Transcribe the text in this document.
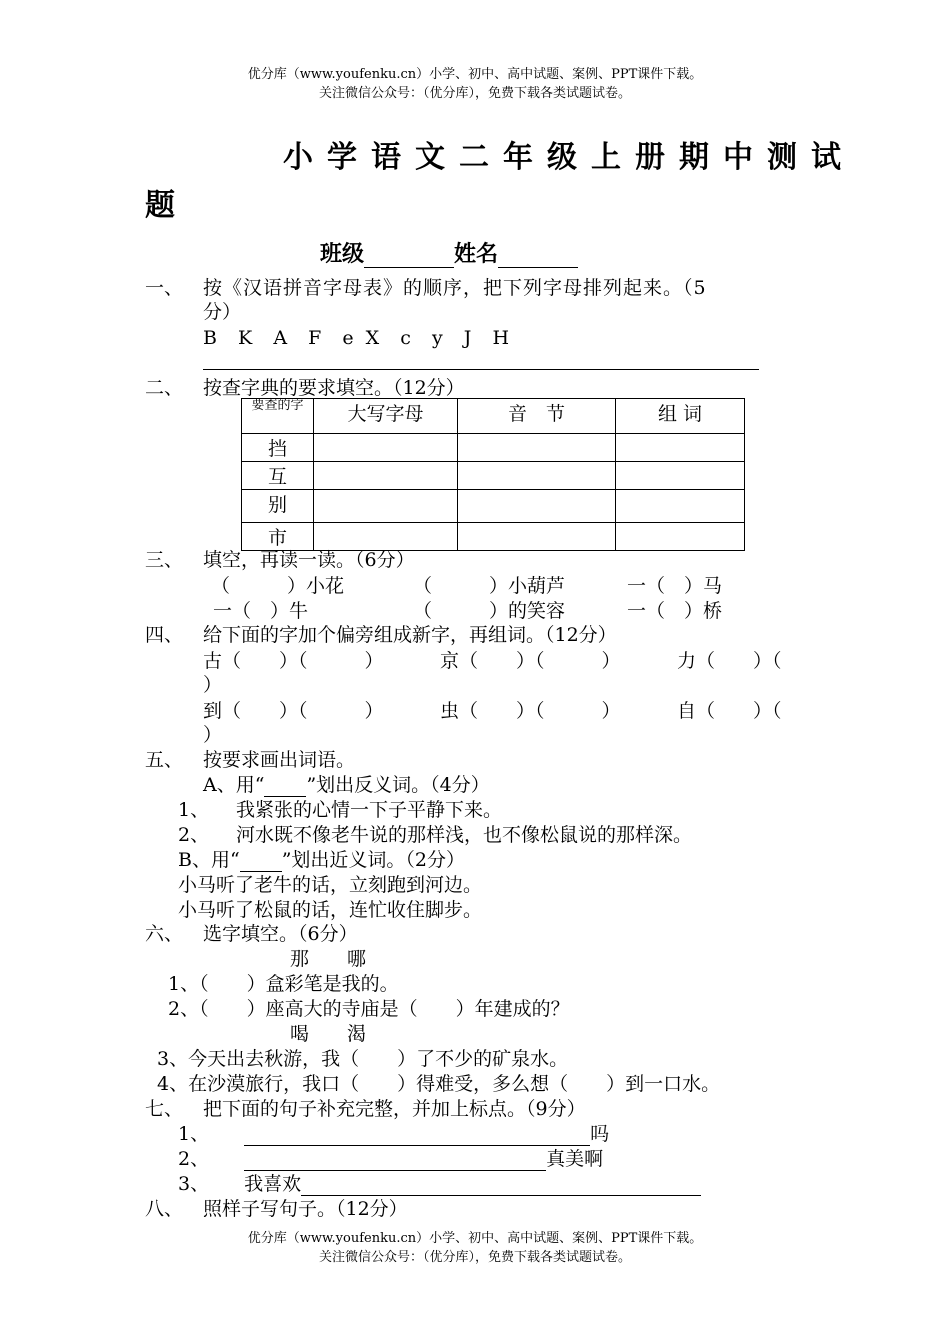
优分库（www.youfenku.cn）小学、初中、高中试题、案例、PPT课件下载。
关注微信公众号：（优分库），免费下载各类试题试卷。
小学语文二年级上册期中测试
题
班级	姓名
一、 按《汉语拼音字母表》的顺序，把下列字母排列起来。（5
分）
B  K  A  F  e X  c  y  J  H
二、 按查字典的要求填空。（12分）
要查的字	大写字母	音　节	组 词
挡			
互			
别			
市			
三、 填空，再读一读。（6分）
（　　　）小花	（　　　）小葫芦	一（　）马
一（　）牛	（　　　）的笑容	一（　）桥
四、 给下面的字加个偏旁组成新字，再组词。（12分）
古（　　）（　　　）	京（　　）（　　　）	力（　　）（
）
到（　　）（　　　）	虫（　　）（　　　）	自（　　）（
）
五、 按要求画出词语。
A、用“ ”划出反义词。（4分）
1、 我紧张的心情一下子平静下来。
2、 河水既不像老牛说的那样浅，也不像松鼠说的那样深。
B、用“ ”划出近义词。（2分）
小马听了老牛的话，立刻跑到河边。
小马听了松鼠的话，连忙收住脚步。
六、 选字填空。（6分）
那　　哪
1、（　　）盒彩笔是我的。
2、（　　）座高大的寺庙是（　　）年建成的？
喝　　渴
3、今天出去秋游，我（　　）了不少的矿泉水。
4、在沙漠旅行，我口（　　）得难受，多么想（　　）到一口水。
七、 把下面的句子补充完整，并加上标点。（9分）
1、	吗
2、	真美啊
3、 我喜欢
八、 照样子写句子。（12分）
优分库（www.youfenku.cn）小学、初中、高中试题、案例、PPT课件下载。
关注微信公众号：（优分库），免费下载各类试题试卷。
